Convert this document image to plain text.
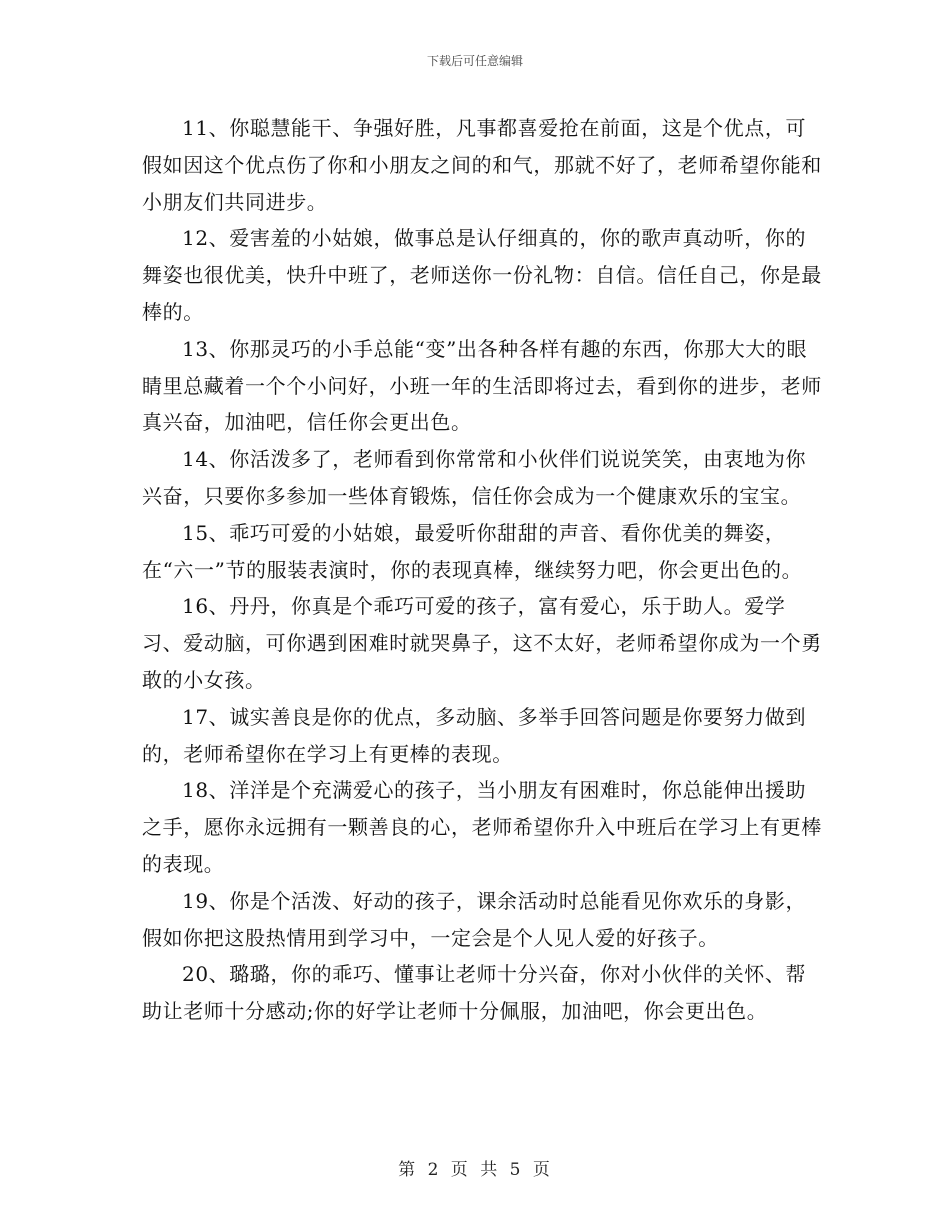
下载后可任意编辑

11、你聪慧能干、争强好胜，凡事都喜爱抢在前面，这是个优点，可假如因这个优点伤了你和小朋友之间的和气，那就不好了，老师希望你能和小朋友们共同进步。

12、爱害羞的小姑娘，做事总是认仔细真的，你的歌声真动听，你的舞姿也很优美，快升中班了，老师送你一份礼物：自信。信任自己，你是最棒的。

13、你那灵巧的小手总能“变”出各种各样有趣的东西，你那大大的眼睛里总藏着一个个小问好，小班一年的生活即将过去，看到你的进步，老师真兴奋，加油吧，信任你会更出色。

14、你活泼多了，老师看到你常常和小伙伴们说说笑笑，由衷地为你兴奋，只要你多参加一些体育锻炼，信任你会成为一个健康欢乐的宝宝。

15、乖巧可爱的小姑娘，最爱听你甜甜的声音、看你优美的舞姿，在“六一”节的服装表演时，你的表现真棒，继续努力吧，你会更出色的。

16、丹丹，你真是个乖巧可爱的孩子，富有爱心，乐于助人。爱学习、爱动脑，可你遇到困难时就哭鼻子，这不太好，老师希望你成为一个勇敢的小女孩。

17、诚实善良是你的优点，多动脑、多举手回答问题是你要努力做到的，老师希望你在学习上有更棒的表现。

18、洋洋是个充满爱心的孩子，当小朋友有困难时，你总能伸出援助之手，愿你永远拥有一颗善良的心，老师希望你升入中班后在学习上有更棒的表现。

19、你是个活泼、好动的孩子，课余活动时总能看见你欢乐的身影，假如你把这股热情用到学习中，一定会是个人见人爱的好孩子。

20、璐璐，你的乖巧、懂事让老师十分兴奋，你对小伙伴的关怀、帮助让老师十分感动;你的好学让老师十分佩服，加油吧，你会更出色。

第 2 页 共 5 页
